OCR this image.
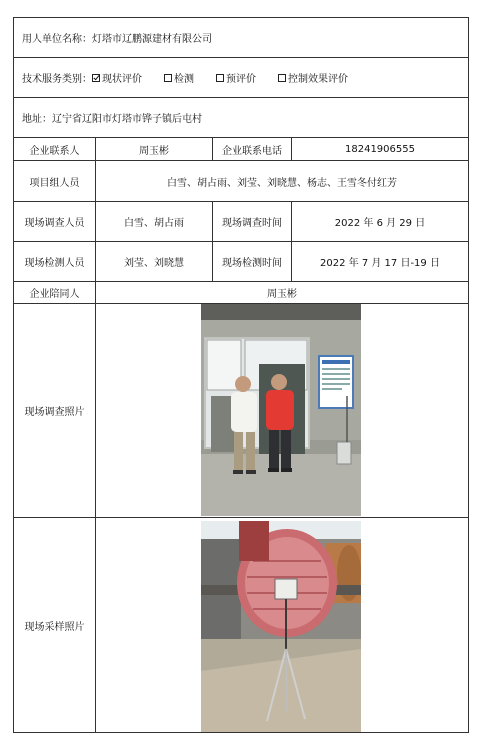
用人单位名称： 灯塔市辽鹏源建材有限公司
技术服务类别： 现状评价	检测	预评价	控制效果评价
地址： 辽宁省辽阳市灯塔市铧子镇后屯村
企业联系人	周玉彬	企业联系电话	18241906555
项目组人员	白雪、胡占雨、刘莹、刘晓慧、杨志、王雪冬付红芳
现场调查人员	白雪、胡占雨	现场调查时间	2022 年 6 月 29 日
现场检测人员	刘莹、刘晓慧	现场检测时间	2022 年 7 月 17 日-19 日
企业陪同人	周玉彬
现场调查照片
现场采样照片
